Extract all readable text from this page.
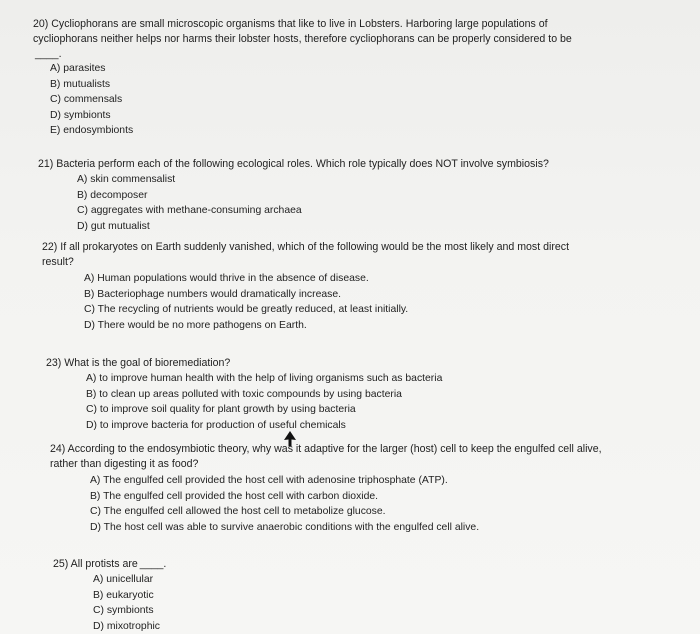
20) Cycliophorans are small microscopic organisms that like to live in Lobsters. Harboring large populations of

cycliophorans neither helps nor harms their lobster hosts, therefore cycliophorans can be properly considered to be

____.

A) parasites
B) mutualists
C) commensals
D) symbionts
E) endosymbionts

21) Bacteria perform each of the following ecological roles. Which role typically does NOT involve symbiosis?

A) skin commensalist
B) decomposer
C) aggregates with methane-consuming archaea
D) gut mutualist

22) If all prokaryotes on Earth suddenly vanished, which of the following would be the most likely and most direct

result?

A) Human populations would thrive in the absence of disease.
B) Bacteriophage numbers would dramatically increase.
C) The recycling of nutrients would be greatly reduced, at least initially.
D) There would be no more pathogens on Earth.

23) What is the goal of bioremediation?

A) to improve human health with the help of living organisms such as bacteria
B) to clean up areas polluted with toxic compounds by using bacteria
C) to improve soil quality for plant growth by using bacteria
D) to improve bacteria for production of useful chemicals

24) According to the endosymbiotic theory, why was it adaptive for the larger (host) cell to keep the engulfed cell alive,

rather than digesting it as food?

A) The engulfed cell provided the host cell with adenosine triphosphate (ATP).
B) The engulfed cell provided the host cell with carbon dioxide.
C) The engulfed cell allowed the host cell to metabolize glucose.
D) The host cell was able to survive anaerobic conditions with the engulfed cell alive.

25) All protists are ____.

A) unicellular
B) eukaryotic
C) symbionts
D) mixotrophic
